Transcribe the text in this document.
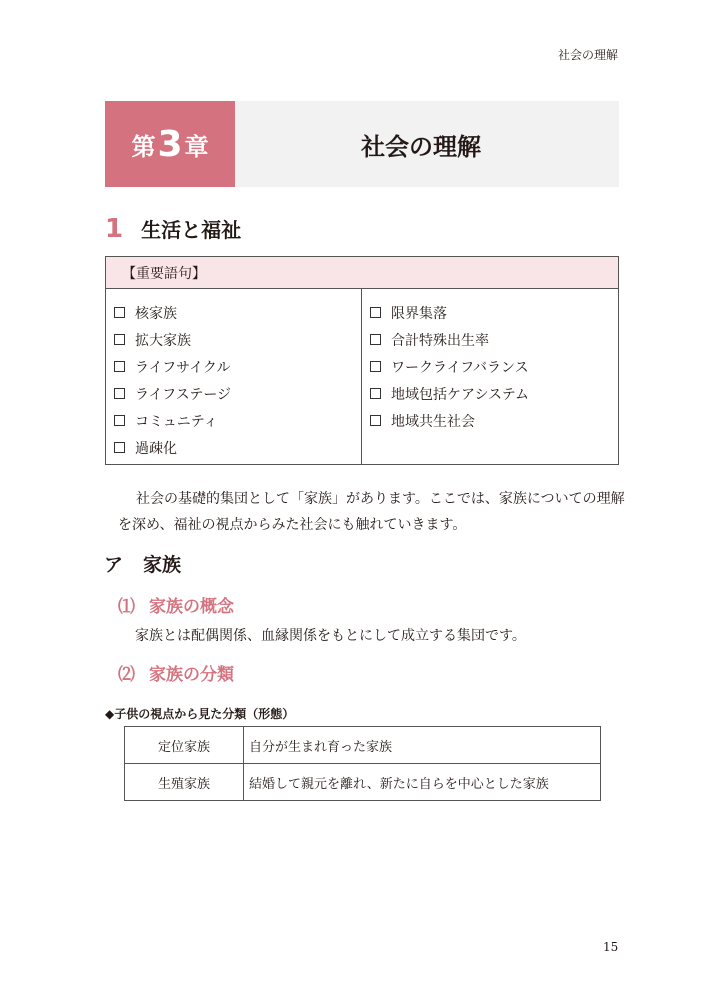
社会の理解
第 3 章	社会の理解
1 生活と福祉
【重要語句】
核家族
拡大家族
ライフサイクル
ライフステージ
コミュニティ
過疎化
限界集落
合計特殊出生率
ワークライフバランス
地域包括ケアシステム
地域共生社会

社会の基礎的集団として「家族」があります。ここでは、家族についての理解を深め、福祉の視点からみた社会にも触れていきます。

ア 家族
⑴ 家族の概念

家族とは配偶関係、血縁関係をもとにして成立する集団です。

⑵ 家族の分類
◆子供の視点から見た分類（形態）
定位家族	自分が生まれ育った家族
生殖家族	結婚して親元を離れ、新たに自らを中心とした家族
15
